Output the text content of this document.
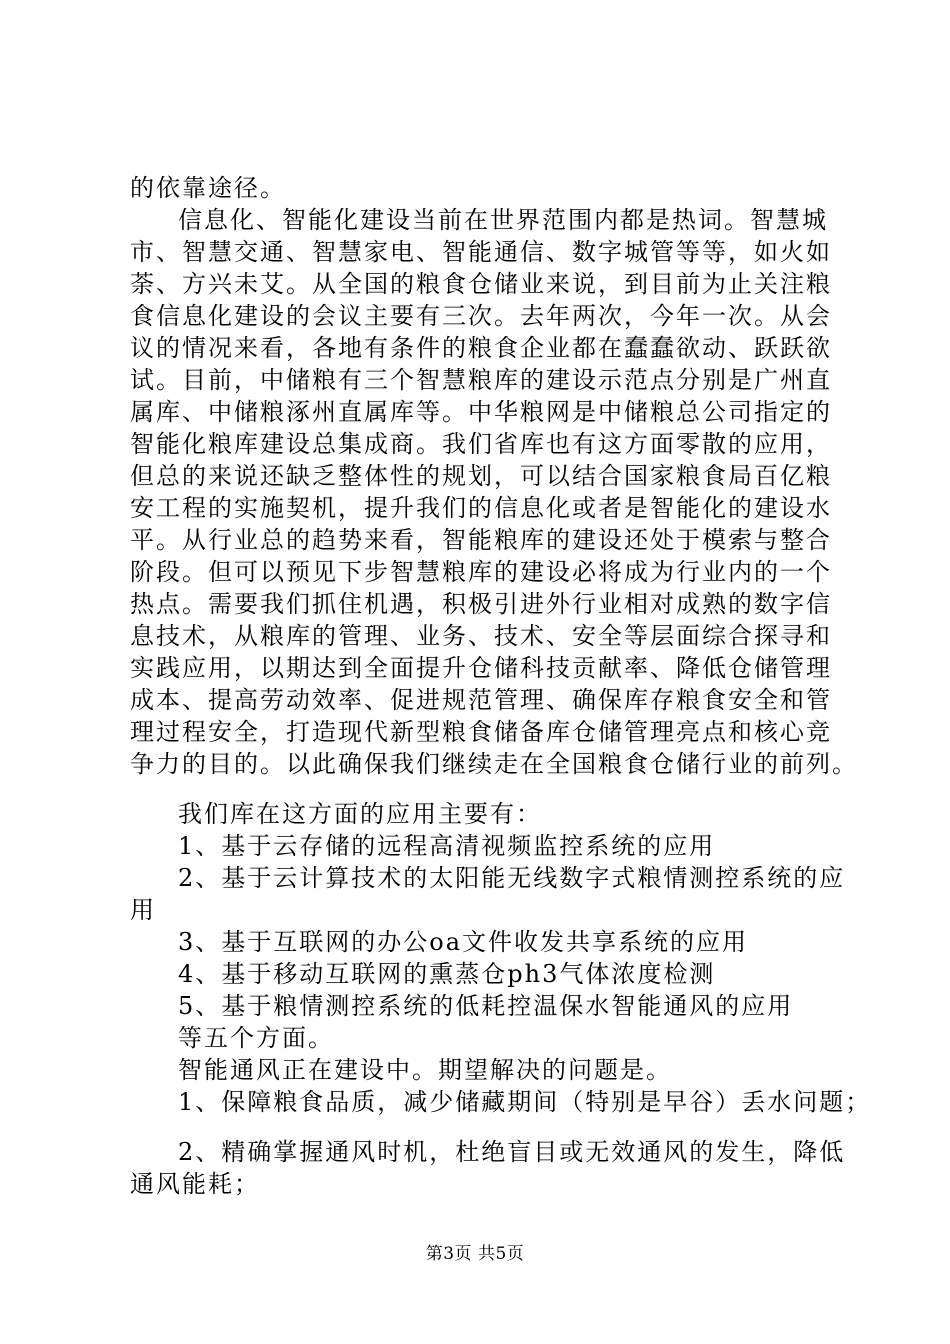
的依靠途径。
信息化、智能化建设当前在世界范围内都是热词。智慧城
市、智慧交通、智慧家电、智能通信、数字城管等等，如火如
荼、方兴未艾。从全国的粮食仓储业来说，到目前为止关注粮
食信息化建设的会议主要有三次。去年两次，今年一次。从会
议的情况来看，各地有条件的粮食企业都在蠢蠢欲动、跃跃欲
试。目前，中储粮有三个智慧粮库的建设示范点分别是广州直
属库、中储粮涿州直属库等。中华粮网是中储粮总公司指定的
智能化粮库建设总集成商。我们省库也有这方面零散的应用，
但总的来说还缺乏整体性的规划，可以结合国家粮食局百亿粮
安工程的实施契机，提升我们的信息化或者是智能化的建设水
平。从行业总的趋势来看，智能粮库的建设还处于模索与整合
阶段。但可以预见下步智慧粮库的建设必将成为行业内的一个
热点。需要我们抓住机遇，积极引进外行业相对成熟的数字信
息技术，从粮库的管理、业务、技术、安全等层面综合探寻和
实践应用，以期达到全面提升仓储科技贡献率、降低仓储管理
成本、提高劳动效率、促进规范管理、确保库存粮食安全和管
理过程安全，打造现代新型粮食储备库仓储管理亮点和核心竞
争力的目的。以此确保我们继续走在全国粮食仓储行业的前列。
我们库在这方面的应用主要有：
1、基于云存储的远程高清视频监控系统的应用
2、基于云计算技术的太阳能无线数字式粮情测控系统的应
用
3、基于互联网的办公oa文件收发共享系统的应用
4、基于移动互联网的熏蒸仓ph3气体浓度检测
5、基于粮情测控系统的低耗控温保水智能通风的应用
等五个方面。
智能通风正在建设中。期望解决的问题是。
1、保障粮食品质，减少储藏期间（特别是早谷）丢水问题；
2、精确掌握通风时机，杜绝盲目或无效通风的发生，降低
通风能耗；
第3页 共5页
